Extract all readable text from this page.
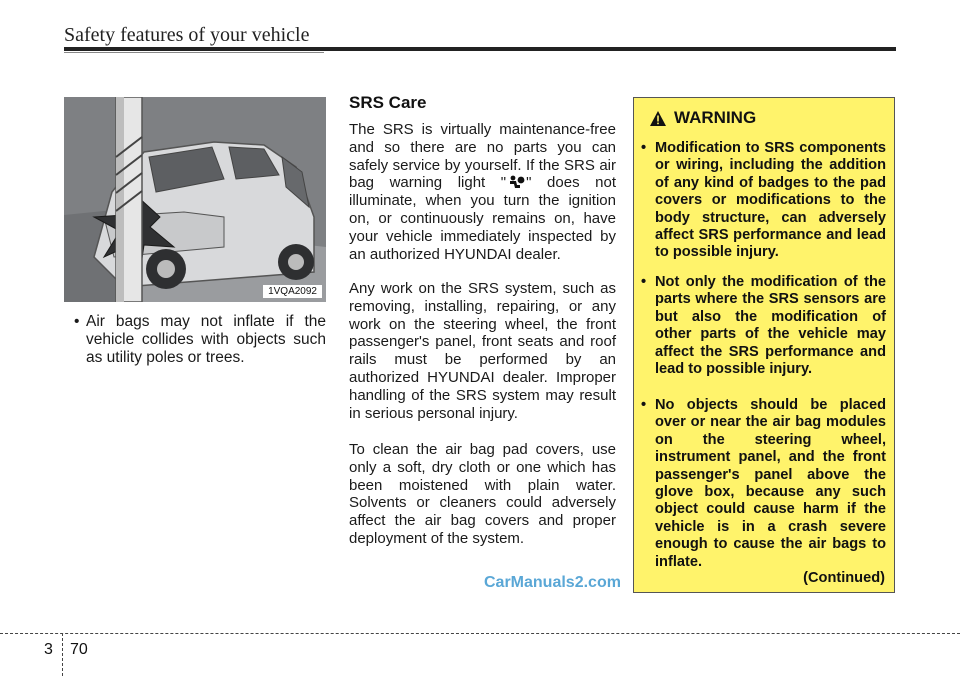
Safety features of your vehicle
1VQA2092
• Air bags may not inflate if the vehicle collides with objects such as utility poles or trees.
SRS Care
The SRS is virtually maintenance-free and so there are no parts you can safely service by yourself. If the SRS air bag warning light " " does not illuminate, when you turn the ignition on, or continuously remains on, have your vehicle immediately inspected by an authorized HYUNDAI dealer.
Any work on the SRS system, such as removing, installing, repairing, or any work on the steering wheel, the front passenger's panel, front seats and roof rails must be performed by an authorized HYUNDAI dealer. Improper handling of the SRS system may result in serious personal injury.
To clean the air bag pad covers, use only a soft, dry cloth or one which has been moistened with plain water. Solvents or cleaners could adversely affect the air bag covers and proper deployment of the system.
CarManuals2.com
WARNING
• Modification to SRS components or wiring, including the addition of any kind of badges to the pad covers or modifications to the body structure, can adversely affect SRS performance and lead to possible injury.
• Not only the modification of the parts where the SRS sensors are but also the modification of other parts of the vehicle may affect the SRS performance and lead to possible injury.
• No objects should be placed over or near the air bag modules on the steering wheel, instrument panel, and the front passenger's panel above the glove box, because any such object could cause harm if the vehicle is in a crash severe enough to cause the air bags to inflate.
(Continued)
3 70
